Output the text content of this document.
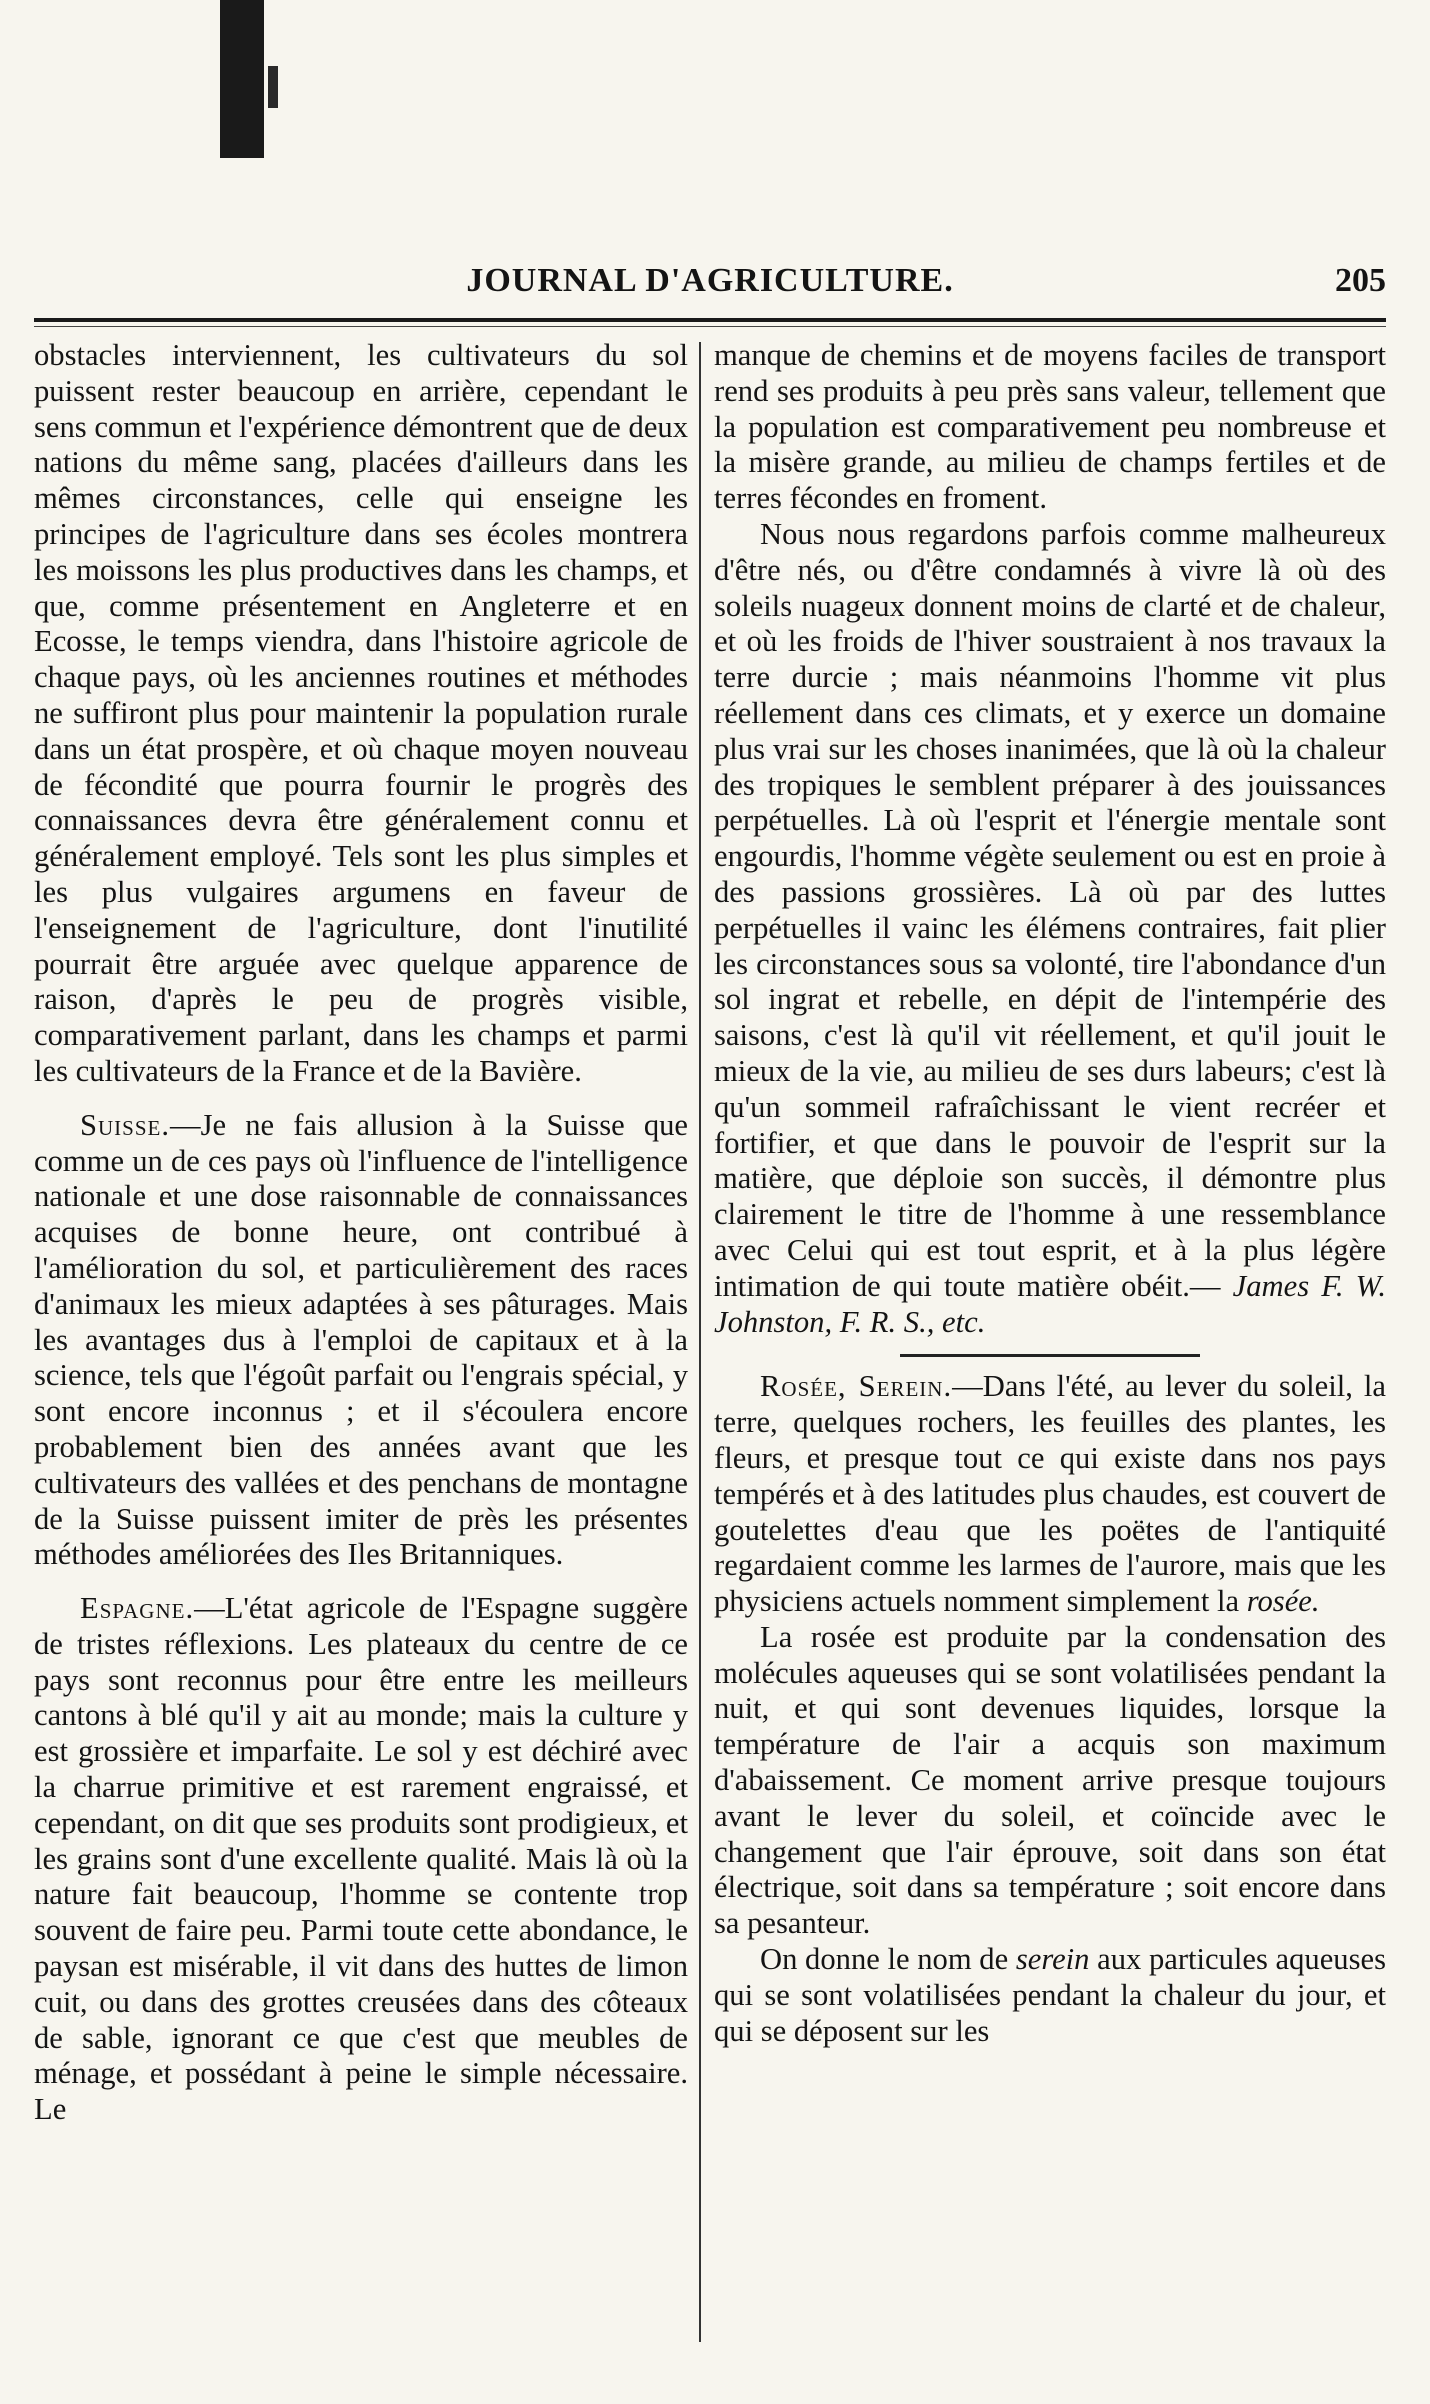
JOURNAL D'AGRICULTURE.	205

obstacles interviennent, les cultivateurs du sol puissent rester beaucoup en arrière, cependant le sens commun et l'expérience démontrent que de deux nations du même sang, placées d'ailleurs dans les mêmes circonstances, celle qui enseigne les principes de l'agriculture dans ses écoles montrera les moissons les plus productives dans les champs, et que, comme présentement en Angleterre et en Ecosse, le temps viendra, dans l'histoire agricole de chaque pays, où les anciennes routines et méthodes ne suffiront plus pour maintenir la population rurale dans un état prospère, et où chaque moyen nouveau de fécondité que pourra fournir le progrès des connaissances devra être généralement connu et généralement employé. Tels sont les plus simples et les plus vulgaires argumens en faveur de l'enseignement de l'agriculture, dont l'inutilité pourrait être arguée avec quelque apparence de raison, d'après le peu de progrès visible, comparativement parlant, dans les champs et parmi les cultivateurs de la France et de la Bavière.

Suisse.—Je ne fais allusion à la Suisse que comme un de ces pays où l'influence de l'intelligence nationale et une dose raisonnable de connaissances acquises de bonne heure, ont contribué à l'amélioration du sol, et particulièrement des races d'animaux les mieux adaptées à ses pâturages. Mais les avantages dus à l'emploi de capitaux et à la science, tels que l'égoût parfait ou l'engrais spécial, y sont encore inconnus ; et il s'écoulera encore probablement bien des années avant que les cultivateurs des vallées et des penchans de montagne de la Suisse puissent imiter de près les présentes méthodes améliorées des Iles Britanniques.

Espagne.—L'état agricole de l'Espagne suggère de tristes réflexions. Les plateaux du centre de ce pays sont reconnus pour être entre les meilleurs cantons à blé qu'il y ait au monde; mais la culture y est grossière et imparfaite. Le sol y est déchiré avec la charrue primitive et est rarement engraissé, et cependant, on dit que ses produits sont prodigieux, et les grains sont d'une excellente qualité. Mais là où la nature fait beaucoup, l'homme se contente trop souvent de faire peu. Parmi toute cette abondance, le paysan est misérable, il vit dans des huttes de limon cuit, ou dans des grottes creusées dans des côteaux de sable, ignorant ce que c'est que meubles de ménage, et possédant à peine le simple nécessaire. Le

manque de chemins et de moyens faciles de transport rend ses produits à peu près sans valeur, tellement que la population est comparativement peu nombreuse et la misère grande, au milieu de champs fertiles et de terres fécondes en froment.

Nous nous regardons parfois comme malheureux d'être nés, ou d'être condamnés à vivre là où des soleils nuageux donnent moins de clarté et de chaleur, et où les froids de l'hiver soustraient à nos travaux la terre durcie ; mais néanmoins l'homme vit plus réellement dans ces climats, et y exerce un domaine plus vrai sur les choses inanimées, que là où la chaleur des tropiques le semblent préparer à des jouissances perpétuelles. Là où l'esprit et l'énergie mentale sont engourdis, l'homme végète seulement ou est en proie à des passions grossières. Là où par des luttes perpétuelles il vainc les élémens contraires, fait plier les circonstances sous sa volonté, tire l'abondance d'un sol ingrat et rebelle, en dépit de l'intempérie des saisons, c'est là qu'il vit réellement, et qu'il jouit le mieux de la vie, au milieu de ses durs labeurs; c'est là qu'un sommeil rafraîchissant le vient recréer et fortifier, et que dans le pouvoir de l'esprit sur la matière, que déploie son succès, il démontre plus clairement le titre de l'homme à une ressemblance avec Celui qui est tout esprit, et à la plus légère intimation de qui toute matière obéit.— James F. W. Johnston, F. R. S., etc.

Rosée, Serein.—Dans l'été, au lever du soleil, la terre, quelques rochers, les feuilles des plantes, les fleurs, et presque tout ce qui existe dans nos pays tempérés et à des latitudes plus chaudes, est couvert de goutelettes d'eau que les poëtes de l'antiquité regardaient comme les larmes de l'aurore, mais que les physiciens actuels nomment simplement la rosée.

La rosée est produite par la condensation des molécules aqueuses qui se sont volatilisées pendant la nuit, et qui sont devenues liquides, lorsque la température de l'air a acquis son maximum d'abaissement. Ce moment arrive presque toujours avant le lever du soleil, et coïncide avec le changement que l'air éprouve, soit dans son état électrique, soit dans sa température ; soit encore dans sa pesanteur.

On donne le nom de serein aux particules aqueuses qui se sont volatilisées pendant la chaleur du jour, et qui se déposent sur les
